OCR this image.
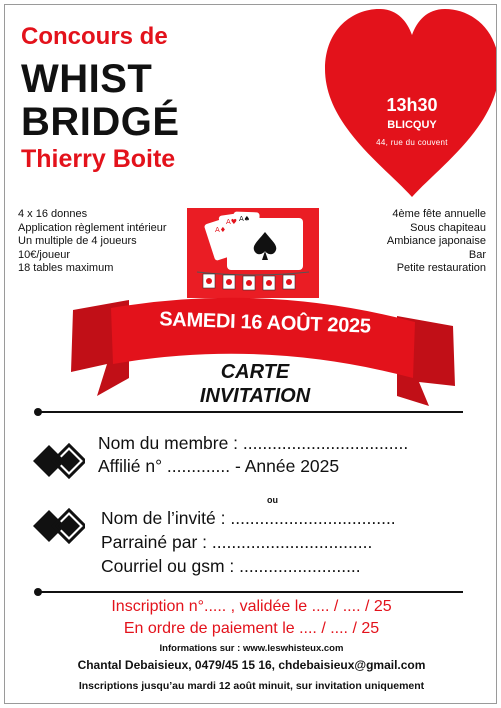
Concours de
WHIST
BRIDGÉ
Thierry Boite
13h30
BLICQUY
44, rue du couvent
4 x 16 donnes
Application règlement intérieur
Un multiple de 4 joueurs
10€/joueur
18 tables maximum
4ème fête annuelle
Sous chapiteau
Ambiance japonaise
Bar
Petite restauration
A♦
A♥ A♠
SAMEDI 16 AOÛT 2025
CARTE
INVITATION
Nom du membre : ..................................
Affilié n° ............. - Année 2025
ou
Nom de l’invité : ..................................
Parrainé par : .................................
Courriel ou gsm : .........................
Inscription n°..... , validée le .... / .... / 25
En ordre de paiement le .... / .... / 25
Informations sur : www.leswhisteux.com
Chantal Debaisieux, 0479/45 15 16, chdebaisieux@gmail.com
Inscriptions jusqu’au mardi 12 août minuit, sur invitation uniquement
